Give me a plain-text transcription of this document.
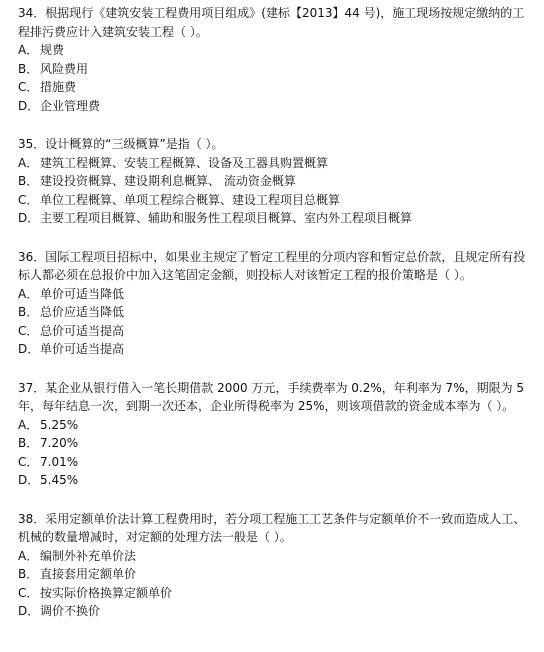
34．根据现行《建筑安装工程费用项目组成》(建标【2013】44 号)，施工现场按规定缴纳的工程排污费应计入建筑安装工程（ ）。

A． 规费
B． 风险费用
C． 措施费
D．企业管理费

35．设计概算的“三级概算”是指（ ）。

A． 建筑工程概算、安装工程概算、设备及工器具购置概算
B． 建设投资概算、建设期利息概算、 流动资金概算
C． 单位工程概算、单项工程综合概算、建设工程项目总概算
D．主要工程项目概算、辅助和服务性工程项目概算、室内外工程项目概算

36．国际工程项目招标中，如果业主规定了暂定工程里的分项内容和暂定总价款，且规定所有投标人都必须在总报价中加入这笔固定金额，则投标人对该暂定工程的报价策略是（ ）。

A． 单价可适当降低
B． 总价应适当降低
C． 总价可适当提高
D．单价可适当提高

37．某企业从银行借入一笔长期借款 2000 万元，手续费率为 0.2%，年利率为 7%，期限为 5 年，每年结息一次，到期一次还本，企业所得税率为 25%，则该项借款的资金成本率为（ ）。

A． 5.25%
B． 7.20%
C． 7.01%
D．5.45%

38．采用定额单价法计算工程费用时，若分项工程施工工艺条件与定额单价不一致而造成人工、机械的数量增减时，对定额的处理方法一般是（ ）。

A． 编制外补充单价法
B． 直接套用定额单价
C． 按实际价格换算定额单价
D．调价不换价
